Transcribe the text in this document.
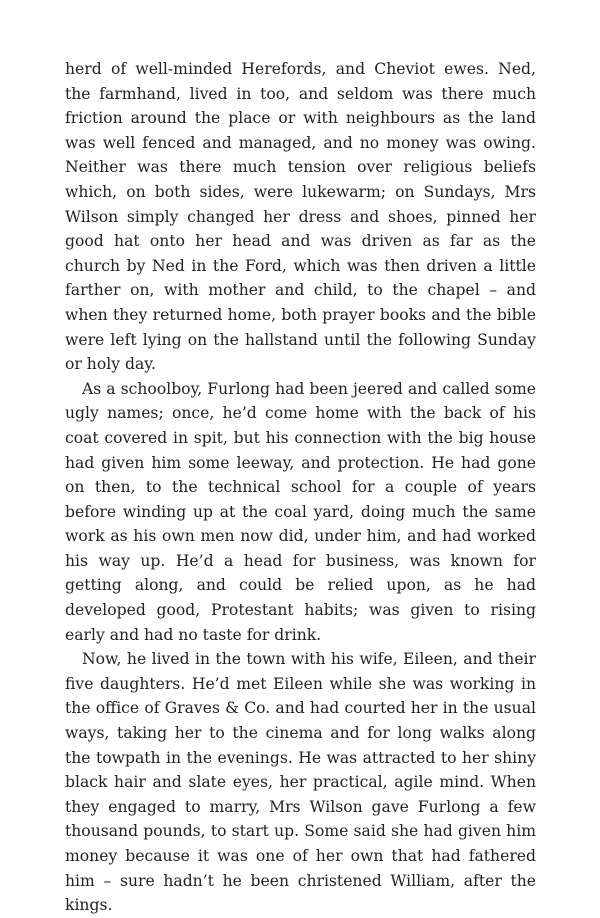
herd of well-minded Herefords, and Cheviot ewes. Ned, the farmhand, lived in too, and seldom was there much friction around the place or with neighbours as the land was well fenced and managed, and no money was owing. Neither was there much tension over religious beliefs which, on both sides, were lukewarm; on Sundays, Mrs Wilson simply changed her dress and shoes, pinned her good hat onto her head and was driven as far as the church by Ned in the Ford, which was then driven a little farther on, with mother and child, to the chapel – and when they returned home, both prayer books and the bible were left lying on the hallstand until the following Sunday or holy day.

As a schoolboy, Furlong had been jeered and called some ugly names; once, he’d come home with the back of his coat covered in spit, but his connection with the big house had given him some leeway, and protection. He had gone on then, to the technical school for a couple of years before winding up at the coal yard, doing much the same work as his own men now did, under him, and had worked his way up. He’d a head for business, was known for getting along, and could be relied upon, as he had developed good, Protestant habits; was given to rising early and had no taste for drink.

Now, he lived in the town with his wife, Eileen, and their five daughters. He’d met Eileen while she was working in the office of Graves & Co. and had courted her in the usual ways, taking her to the cinema and for long walks along the towpath in the evenings. He was attracted to her shiny black hair and slate eyes, her practical, agile mind. When they engaged to marry, Mrs Wilson gave Furlong a few thousand pounds, to start up. Some said she had given him money because it was one of her own that had fathered him – sure hadn’t he been christened William, after the kings.
